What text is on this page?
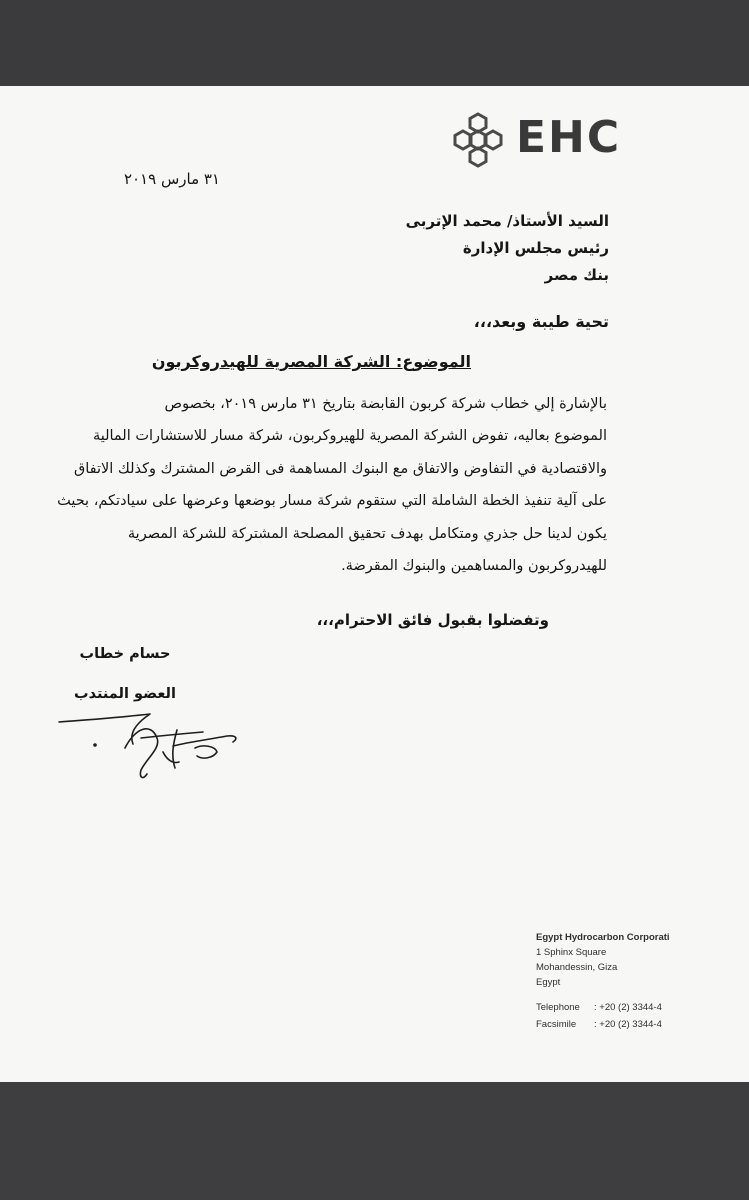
EHC
٣١ مارس ٢٠١٩
السيد الأستاذ/ محمد الإتربى
رئيس مجلس الإدارة
بنك مصر
تحية طيبة وبعد،،،
الموضوع: الشركة المصرية للهيدروكربون
بالإشارة إلي خطاب شركة كربون القابضة بتاريخ ٣١ مارس ٢٠١٩، بخصوص
الموضوع بعاليه، تفوض الشركة المصرية للهيروكربون، شركة مسار للاستشارات المالية
والاقتصادية في التفاوض والاتفاق مع البنوك المساهمة فى القرض المشترك وكذلك الاتفاق
على آلية تنفيذ الخطة الشاملة التي ستقوم شركة مسار بوضعها وعرضها على سيادتكم، بحيث
يكون لدينا حل جذري ومتكامل بهدف تحقيق المصلحة المشتركة للشركة المصرية
للهيدروكربون والمساهمين والبنوك المقرضة.
وتفضلوا بقبول فائق الاحترام،،،
حسام خطاب
العضو المنتدب
Egypt Hydrocarbon Corporati
1 Sphinx Square
Mohandessin, Giza
Egypt
Telephone : +20 (2) 3344-4
Facsimile : +20 (2) 3344-4
